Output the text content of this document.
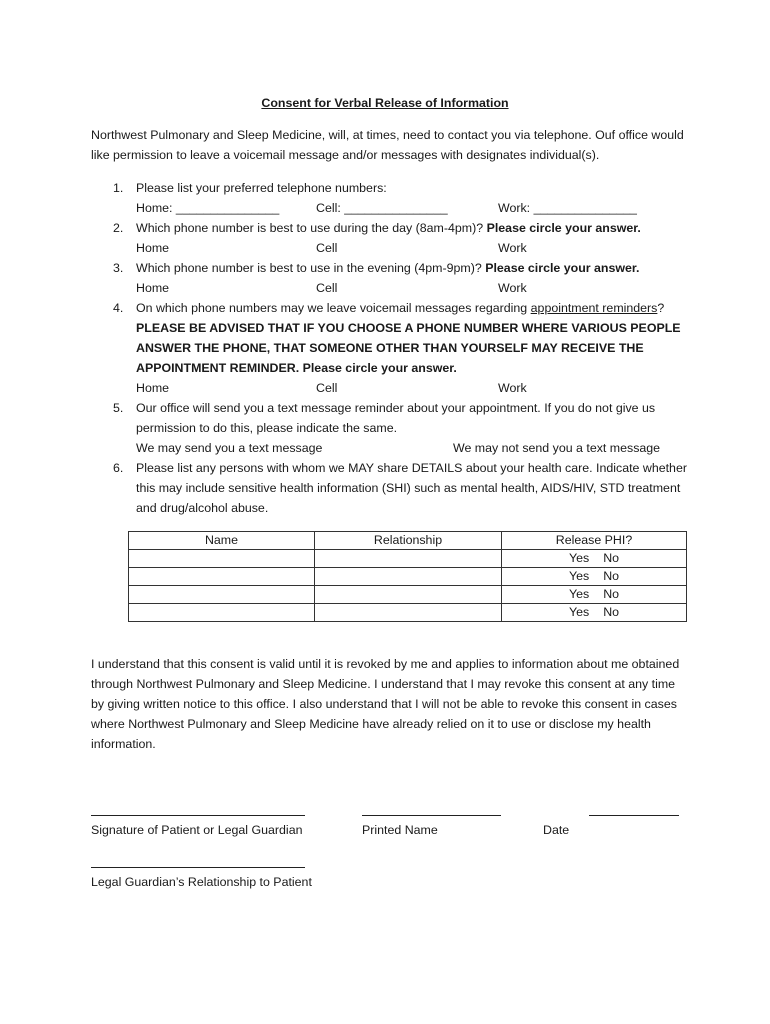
Consent for Verbal Release of Information
Northwest Pulmonary and Sleep Medicine, will, at times, need to contact you via telephone. Ouf office would like permission to leave a voicemail message and/or messages with designates individual(s).
1. Please list your preferred telephone numbers:
Home: _______________	Cell: _______________	Work: _______________
2. Which phone number is best to use during the day (8am-4pm)? Please circle your answer.
Home	Cell	Work
3. Which phone number is best to use in the evening (4pm-9pm)? Please circle your answer.
Home	Cell	Work
4. On which phone numbers may we leave voicemail messages regarding appointment reminders?
PLEASE BE ADVISED THAT IF YOU CHOOSE A PHONE NUMBER WHERE VARIOUS PEOPLE ANSWER THE PHONE, THAT SOMEONE OTHER THAN YOURSELF MAY RECEIVE THE APPOINTMENT REMINDER. Please circle your answer.
Home	Cell	Work
5. Our office will send you a text message reminder about your appointment. If you do not give us permission to do this, please indicate the same.
We may send you a text message	We may not send you a text message
6. Please list any persons with whom we MAY share DETAILS about your health care. Indicate whether this may include sensitive health information (SHI) such as mental health, AIDS/HIV, STD treatment and drug/alcohol abuse.
Name	Relationship	Release PHI?
		Yes No
		Yes No
		Yes No
		Yes No
I understand that this consent is valid until it is revoked by me and applies to information about me obtained through Northwest Pulmonary and Sleep Medicine. I understand that I may revoke this consent at any time by giving written notice to this office. I also understand that I will not be able to revoke this consent in cases where Northwest Pulmonary and Sleep Medicine have already relied on it to use or disclose my health information.
Signature of Patient or Legal Guardian	Printed Name	Date
Legal Guardian’s Relationship to Patient
